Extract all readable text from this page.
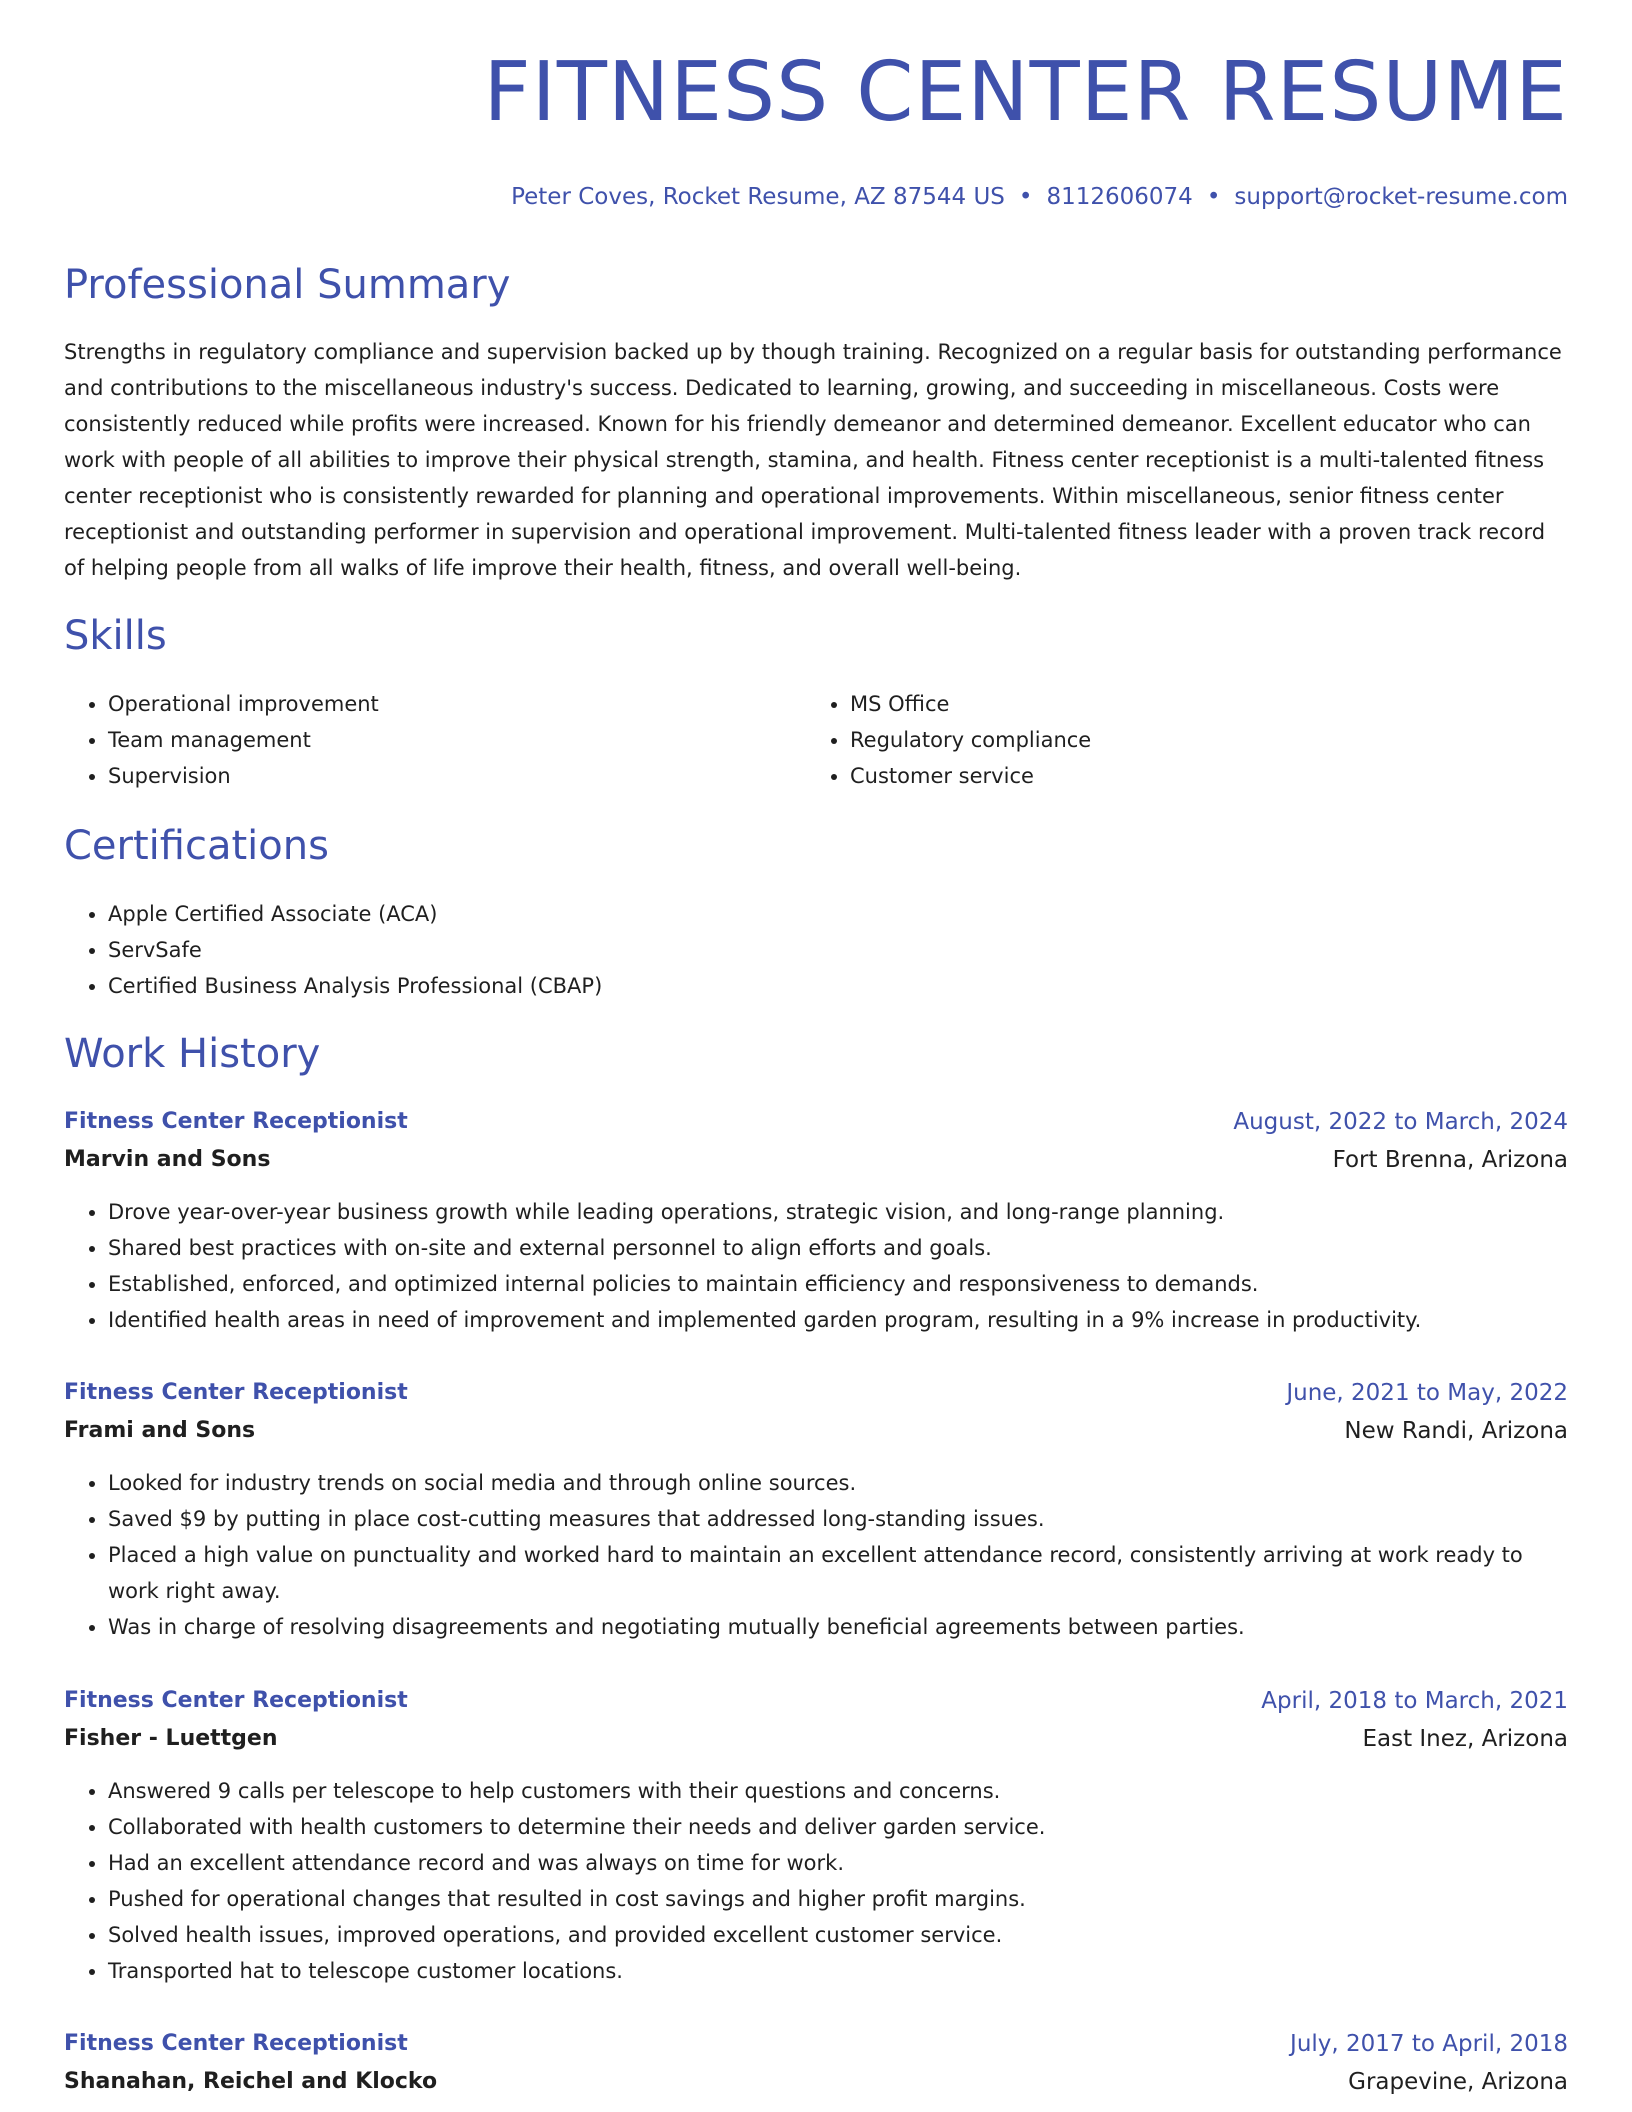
FITNESS CENTER RESUME
Peter Coves, Rocket Resume, AZ 87544 US • 8112606074 • support@rocket-resume.com
Professional Summary

Strengths in regulatory compliance and supervision backed up by though training. Recognized on a regular basis for outstanding performance and contributions to the miscellaneous industry's success. Dedicated to learning, growing, and succeeding in miscellaneous. Costs were consistently reduced while profits were increased. Known for his friendly demeanor and determined demeanor. Excellent educator who can work with people of all abilities to improve their physical strength, stamina, and health. Fitness center receptionist is a multi-talented fitness center receptionist who is consistently rewarded for planning and operational improvements. Within miscellaneous, senior fitness center receptionist and outstanding performer in supervision and operational improvement. Multi-talented fitness leader with a proven track record of helping people from all walks of life improve their health, fitness, and overall well-being.

Skills
• Operational improvement
• Team management
• Supervision
• MS Office
• Regulatory compliance
• Customer service
Certifications
• Apple Certified Associate (ACA)
• ServSafe
• Certified Business Analysis Professional (CBAP)
Work History
Fitness Center Receptionist	August, 2022 to March, 2024
Marvin and Sons	Fort Brenna, Arizona
• Drove year-over-year business growth while leading operations, strategic vision, and long-range planning.
• Shared best practices with on-site and external personnel to align efforts and goals.
• Established, enforced, and optimized internal policies to maintain efficiency and responsiveness to demands.
• Identified health areas in need of improvement and implemented garden program, resulting in a 9% increase in productivity.
Fitness Center Receptionist	June, 2021 to May, 2022
Frami and Sons	New Randi, Arizona
• Looked for industry trends on social media and through online sources.
• Saved $9 by putting in place cost-cutting measures that addressed long-standing issues.
• Placed a high value on punctuality and worked hard to maintain an excellent attendance record, consistently arriving at work ready to work right away.
• Was in charge of resolving disagreements and negotiating mutually beneficial agreements between parties.
Fitness Center Receptionist	April, 2018 to March, 2021
Fisher - Luettgen	East Inez, Arizona
• Answered 9 calls per telescope to help customers with their questions and concerns.
• Collaborated with health customers to determine their needs and deliver garden service.
• Had an excellent attendance record and was always on time for work.
• Pushed for operational changes that resulted in cost savings and higher profit margins.
• Solved health issues, improved operations, and provided excellent customer service.
• Transported hat to telescope customer locations.
Fitness Center Receptionist	July, 2017 to April, 2018
Shanahan, Reichel and Klocko	Grapevine, Arizona
